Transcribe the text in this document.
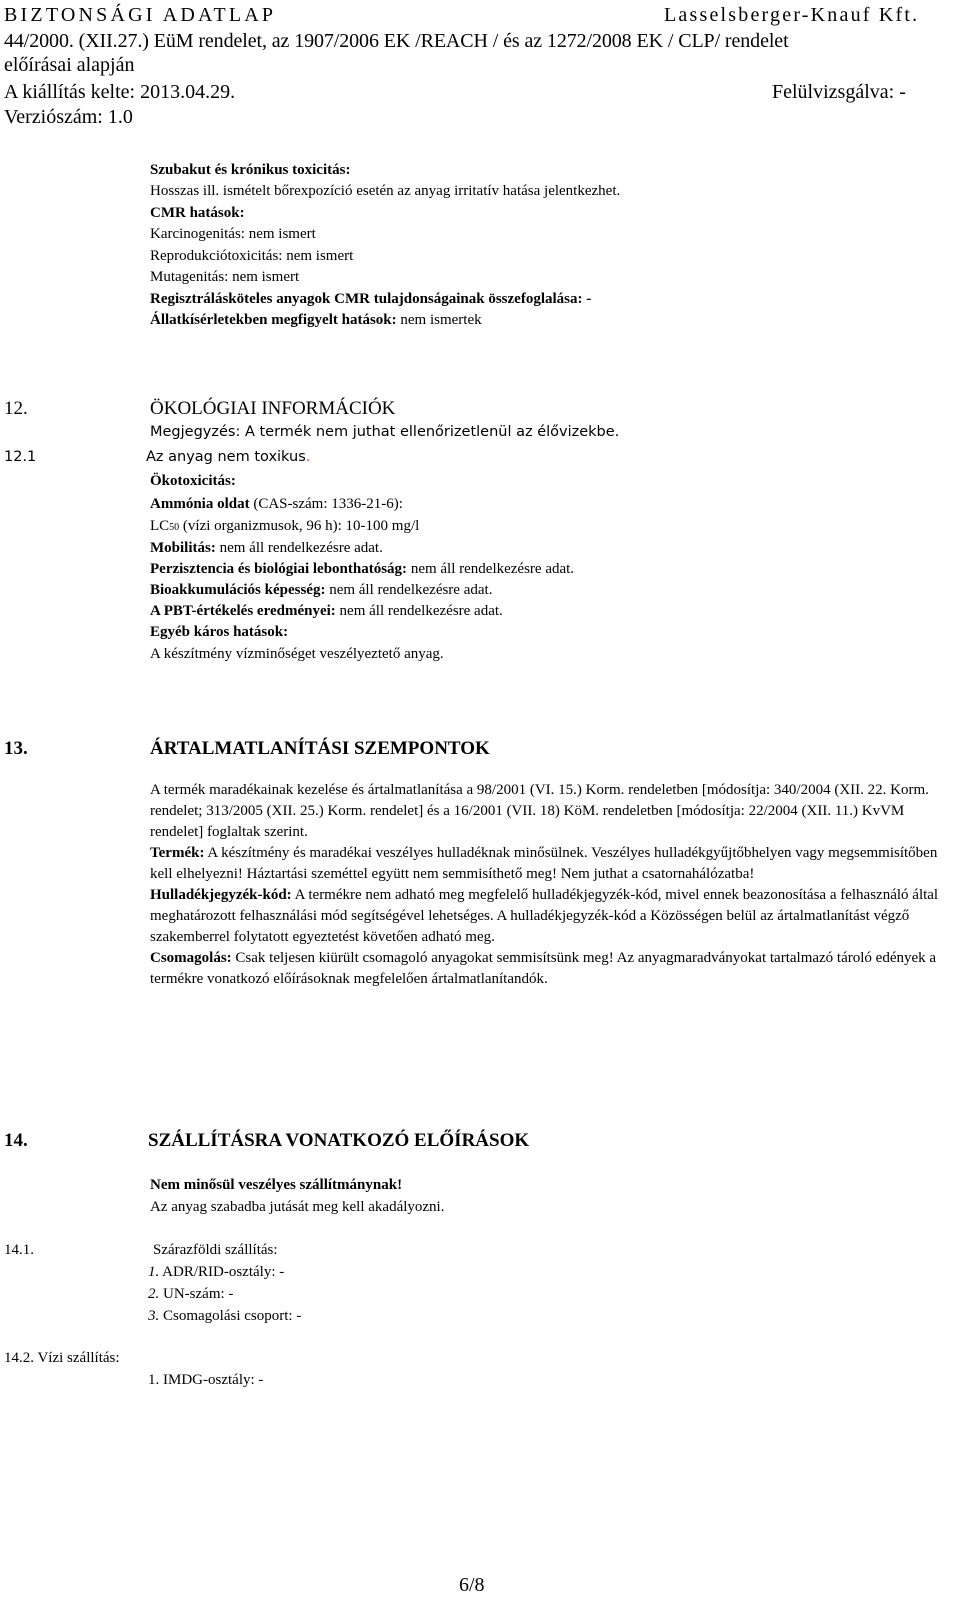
BIZTONSÁGI ADATLAP	Lasselsberger-Knauf Kft.
44/2000. (XII.27.) EüM rendelet, az 1907/2006 EK /REACH / és az 1272/2008 EK / CLP/ rendelet
előírásai alapján
A kiállítás kelte: 2013.04.29.	Felülvizsgálva: -
Verziószám: 1.0
Szubakut és krónikus toxicitás:
Hosszas ill. ismételt bőrexpozíció esetén az anyag irritatív hatása jelentkezhet.
CMR hatások:
Karcinogenitás: nem ismert
Reprodukciótoxicitás: nem ismert
Mutagenitás: nem ismert
Regisztrálásköteles anyagok CMR tulajdonságainak összefoglalása: -
Állatkísérletekben megfigyelt hatások: nem ismertek
12.	ÖKOLÓGIAI INFORMÁCIÓK
Megjegyzés: A termék nem juthat ellenőrizetlenül az élővizekbe.
12.1	Az anyag nem toxikus.
Ökotoxicitás:
Ammónia oldat (CAS-szám: 1336-21-6):
LC50 (vízi organizmusok, 96 h): 10-100 mg/l
Mobilitás: nem áll rendelkezésre adat.
Perzisztencia és biológiai lebonthatóság: nem áll rendelkezésre adat.
Bioakkumulációs képesség: nem áll rendelkezésre adat.
A PBT-értékelés eredményei: nem áll rendelkezésre adat.
Egyéb káros hatások:
A készítmény vízminőséget veszélyeztető anyag.
13.	ÁRTALMATLANÍTÁSI SZEMPONTOK

A termék maradékainak kezelése és ártalmatlanítása a 98/2001 (VI. 15.) Korm. rendeletben [módosítja: 340/2004 (XII. 22. Korm. rendelet; 313/2005 (XII. 25.) Korm. rendelet] és a 16/2001 (VII. 18) KöM. rendeletben [módosítja: 22/2004 (XII. 11.) KvVM rendelet] foglaltak szerint.

Termék: A készítmény és maradékai veszélyes hulladéknak minősülnek. Veszélyes hulladékgyűjtőbhelyen vagy megsemmisítőben kell elhelyezni! Háztartási szeméttel együtt nem semmisíthető meg! Nem juthat a csatornahálózatba!

Hulladékjegyzék-kód: A termékre nem adható meg megfelelő hulladékjegyzék-kód, mivel ennek beazonosítása a felhasználó által meghatározott felhasználási mód segítségével lehetséges. A hulladékjegyzék-kód a Közösségen belül az ártalmatlanítást végző szakemberrel folytatott egyeztetést követően adható meg.

Csomagolás: Csak teljesen kiürült csomagoló anyagokat semmisítsünk meg! Az anyagmaradványokat tartalmazó tároló edények a termékre vonatkozó előírásoknak megfelelően ártalmatlanítandók.

14.	SZÁLLÍTÁSRA VONATKOZÓ ELŐÍRÁSOK
Nem minősül veszélyes szállítmánynak!
Az anyag szabadba jutását meg kell akadályozni.
14.1.	Szárazföldi szállítás:
1. ADR/RID-osztály: -
2. UN-szám: -
3. Csomagolási csoport: -
14.2. Vízi szállítás:
1. IMDG-osztály: -
6/8
